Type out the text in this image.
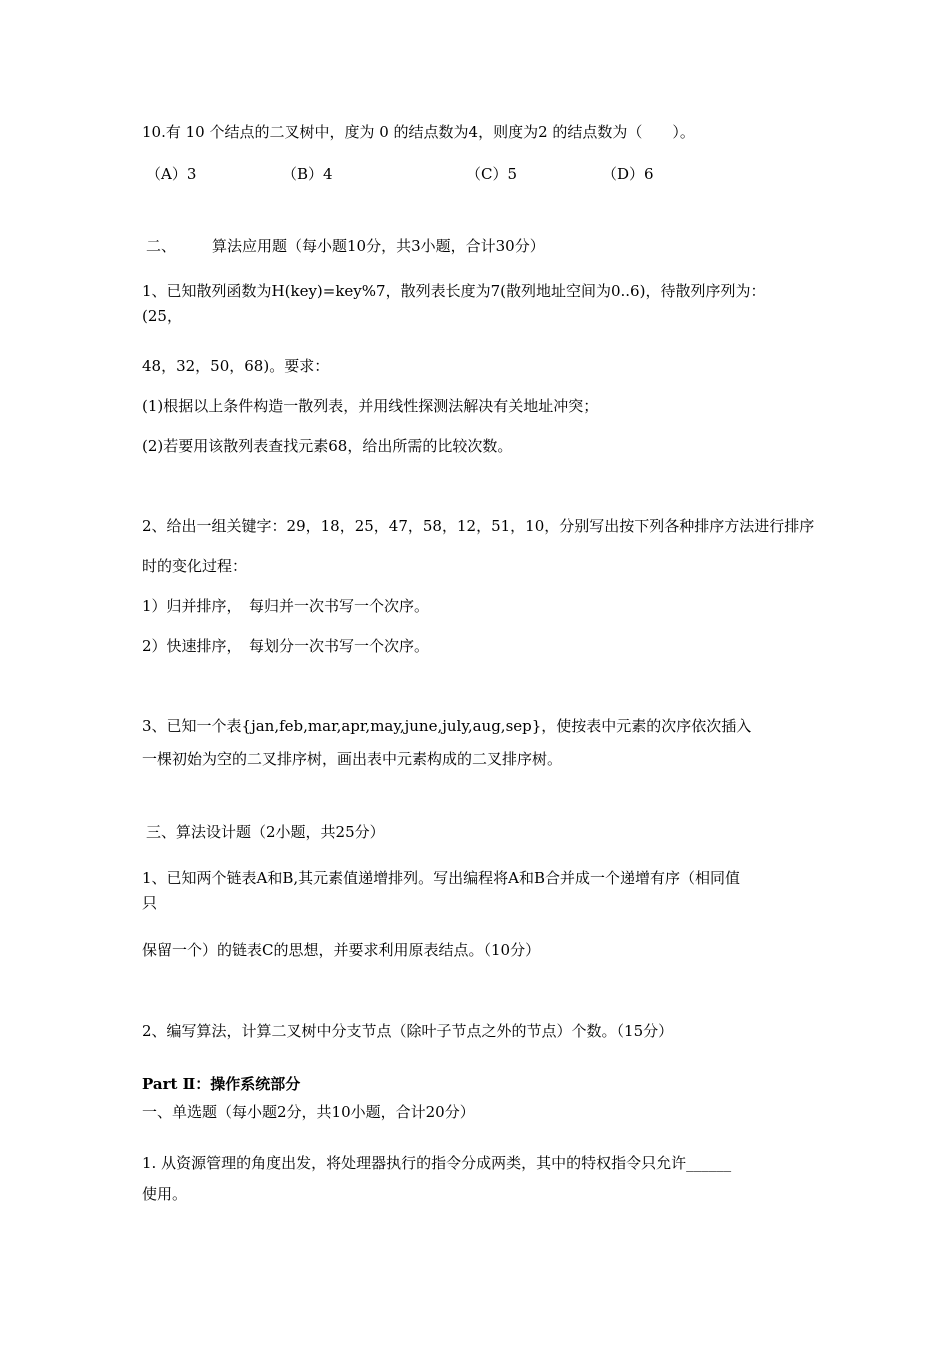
10.有 10 个结点的二叉树中，度为 0 的结点数为4，则度为2 的结点数为（　　）。
（A）3	（B）4	（C）5	（D）6
二、 算法应用题（每小题10分，共3小题，合计30分）
1、已知散列函数为H(key)=key%7，散列表长度为7(散列地址空间为0..6)，待散列序列为：
(25，
48，32，50，68)。要求：
(1)根据以上条件构造一散列表，并用线性探测法解决有关地址冲突；
(2)若要用该散列表查找元素68，给出所需的比较次数。
2、给出一组关键字：29，18，25，47，58，12，51，10，分别写出按下列各种排序方法进行排序
时的变化过程：
1）归并排序，　每归并一次书写一个次序。
2）快速排序，　每划分一次书写一个次序。
3、已知一个表{jan,feb,mar,apr,may,june,july,aug,sep}，使按表中元素的次序依次插入
一棵初始为空的二叉排序树，画出表中元素构成的二叉排序树。
三、算法设计题（2小题，共25分）
1、已知两个链表A和B,其元素值递增排列。写出编程将A和B合并成一个递增有序（相同值
只
保留一个）的链表C的思想，并要求利用原表结点。（10分）
2、编写算法，计算二叉树中分支节点（除叶子节点之外的节点）个数。（15分）
Part Ⅱ：操作系统部分
一、单选题（每小题2分，共10小题，合计20分）
1. 从资源管理的角度出发，将处理器执行的指令分成两类，其中的特权指令只允许______
使用。
